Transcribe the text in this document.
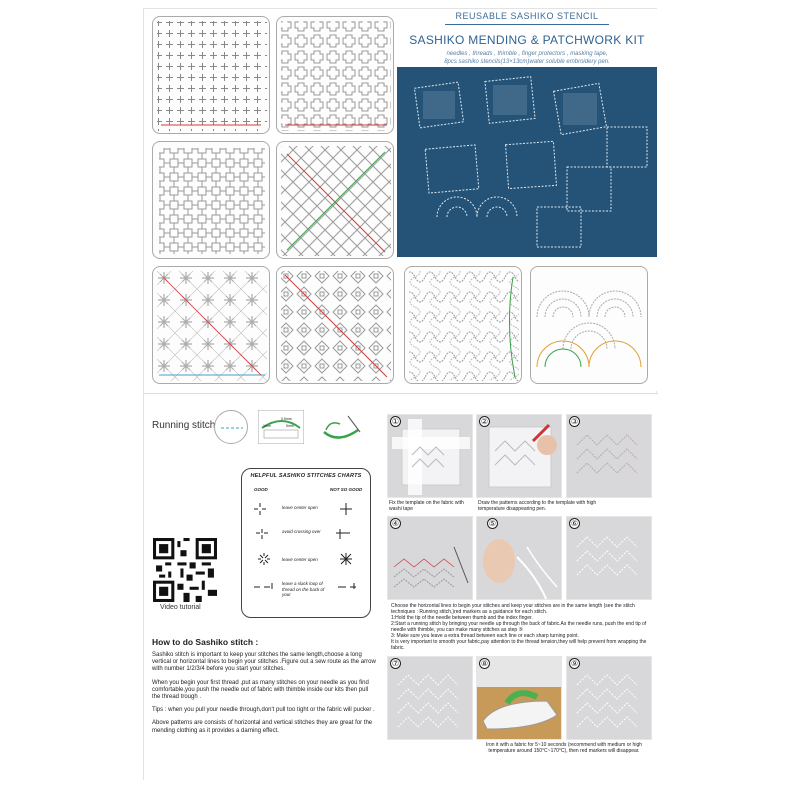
REUSABLE SASHIKO STENCIL
SASHIKO MENDING & PATCHWORK KIT
needles , threads , thimble , finger protectors , masking tape,
8pcs sashiko stencils(13×13cm)water soluble embroidery pen.
Running stitch
0.5mm
1mm	5mm
HELPFUL SASHIKO STITCHES CHARTS
GOOD	NOT SO GOOD
leave center open
avoid crossing over
leave center open
leave a slack loop of thread on the back of your
Video tutorial
How to do Sashiko stitch :

Sashiko stitch is important to keep your stitches the same length,choose a long vertical or horizontal lines to begin your stitches .Figure out a sew route as the arrow with number 1/2/3/4 before you start your stitches.

When you begin your first thread ,put as many stitches on your needle as you find comfortable,you push the needle out of fabric with thimble inside our kits then pull the thread trough .

Tips : when you pull your needle through,don't pull too tight or the fabric will pucker .

Above patterns are consists of horizontal and vertical stitches they are great for the mending clothing as it provides a darning effect.

①	②	③
Fix the template on the fabric with washi tape
Draw the patterns according to the template with high temperature disappearing pen.
④	⑤	⑥
Choose the horizontal lines to begin your stitches and keep your stitches are in the same length (see the stitch techniques : Running stitch,)red markers as a guidance for each stitch.
1:Hold the tip of the needle between thumb and the index finger.
2:Start a running stitch by bringing your needle up through the back of fabric.As the needle runs, push the end tip of needle with thimble, you can make many stitches as step ⑤
3: Make sure you leave a extra thread between each line or each sharp turning point.
It is very important to smooth your fabric,pay attention to the thread tension,they will help prevent from wrapping the fabric.
⑦	⑧	⑨
Iron it with a fabric for 5~10 seconds (recommend with medium or high temperature around 150°C~170°C), then red markers will disappear.
